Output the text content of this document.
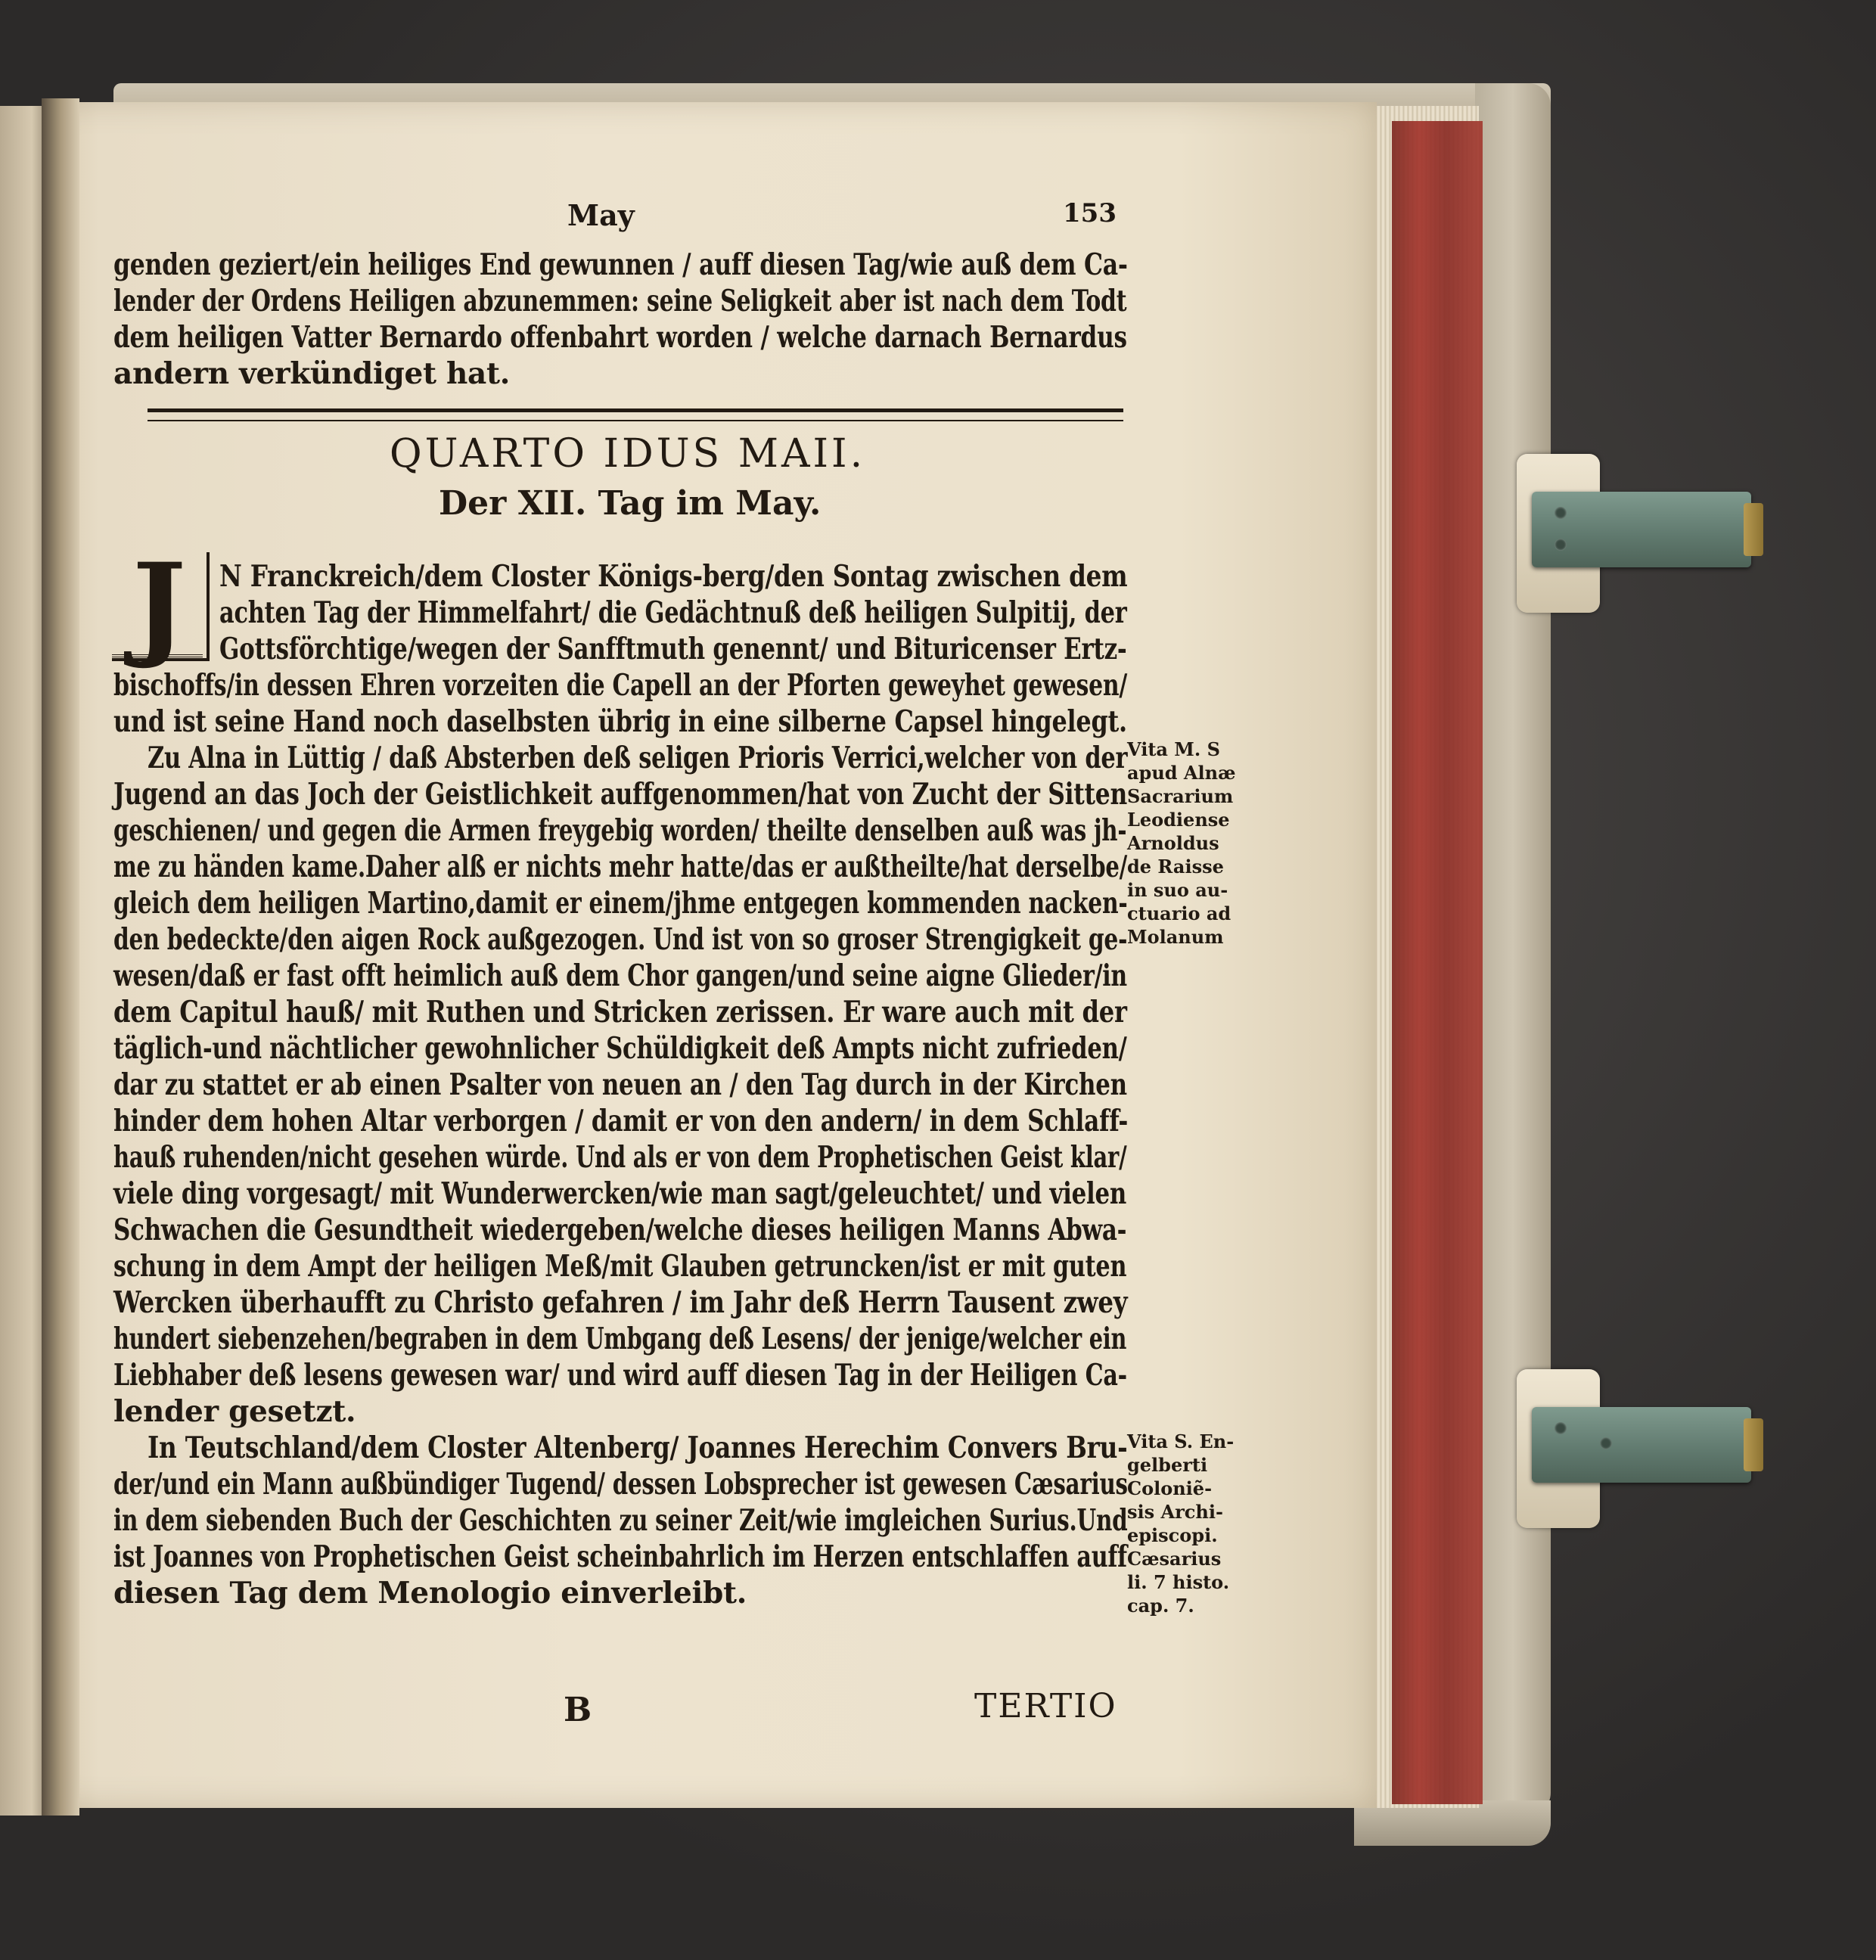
May	153
genden geziert/ein heiliges End gewunnen / auff diesen Tag/wie auß dem Ca-
lender der Ordens Heiligen abzunemmen: seine Seligkeit aber ist nach dem Todt
dem heiligen Vatter Bernardo offenbahrt worden / welche darnach Bernardus
andern verkündiget hat.
QUARTO IDUS MAII.
Der XII. Tag im May.
J	N Franckreich/dem Closter Königs-berg/den Sontag zwischen dem
achten Tag der Himmelfahrt/ die Gedächtnuß deß heiligen Sulpitij, der
Gottsförchtige/wegen der Sanfftmuth genennt/ und Bituricenser Ertz-
bischoffs/in dessen Ehren vorzeiten die Capell an der Pforten geweyhet gewesen/
und ist seine Hand noch daselbsten übrig in eine silberne Capsel hingelegt.
Zu Alna in Lüttig / daß Absterben deß seligen Prioris Verrici,welcher von der
Jugend an das Joch der Geistlichkeit auffgenommen/hat von Zucht der Sitten
geschienen/ und gegen die Armen freygebig worden/ theilte denselben auß was jh-
me zu händen kame.Daher alß er nichts mehr hatte/das er außtheilte/hat derselbe/
gleich dem heiligen Martino,damit er einem/jhme entgegen kommenden nacken-
den bedeckte/den aigen Rock außgezogen. Und ist von so groser Strengigkeit ge-
wesen/daß er fast offt heimlich auß dem Chor gangen/und seine aigne Glieder/in
dem Capitul hauß/ mit Ruthen und Stricken zerissen. Er ware auch mit der
täglich-und nächtlicher gewohnlicher Schüldigkeit deß Ampts nicht zufrieden/
dar zu stattet er ab einen Psalter von neuen an / den Tag durch in der Kirchen
hinder dem hohen Altar verborgen / damit er von den andern/ in dem Schlaff-
hauß ruhenden/nicht gesehen würde. Und als er von dem Prophetischen Geist klar/
viele ding vorgesagt/ mit Wunderwercken/wie man sagt/geleuchtet/ und vielen
Schwachen die Gesundtheit wiedergeben/welche dieses heiligen Manns Abwa-
schung in dem Ampt der heiligen Meß/mit Glauben getruncken/ist er mit guten
Wercken überhaufft zu Christo gefahren / im Jahr deß Herrn Tausent zwey
hundert siebenzehen/begraben in dem Umbgang deß Lesens/ der jenige/welcher ein
Liebhaber deß lesens gewesen war/ und wird auff diesen Tag in der Heiligen Ca-
lender gesetzt.
In Teutschland/dem Closter Altenberg/ Joannes Herechim Convers Bru-
der/und ein Mann außbündiger Tugend/ dessen Lobsprecher ist gewesen Cæsarius
in dem siebenden Buch der Geschichten zu seiner Zeit/wie imgleichen Surius.Und
ist Joannes von Prophetischen Geist scheinbahrlich im Herzen entschlaffen auff
diesen Tag dem Menologio einverleibt.
Vita M. S
apud Alnæ
Sacrarium
Leodiense
Arnoldus
de Raisse
in suo au-
ctuario ad
Molanum
Vita S. En-
gelberti
Coloniẽ-
sis Archi-
episcopi.
Cæsarius
li. 7 histo.
cap. 7.
B	TERTIO
